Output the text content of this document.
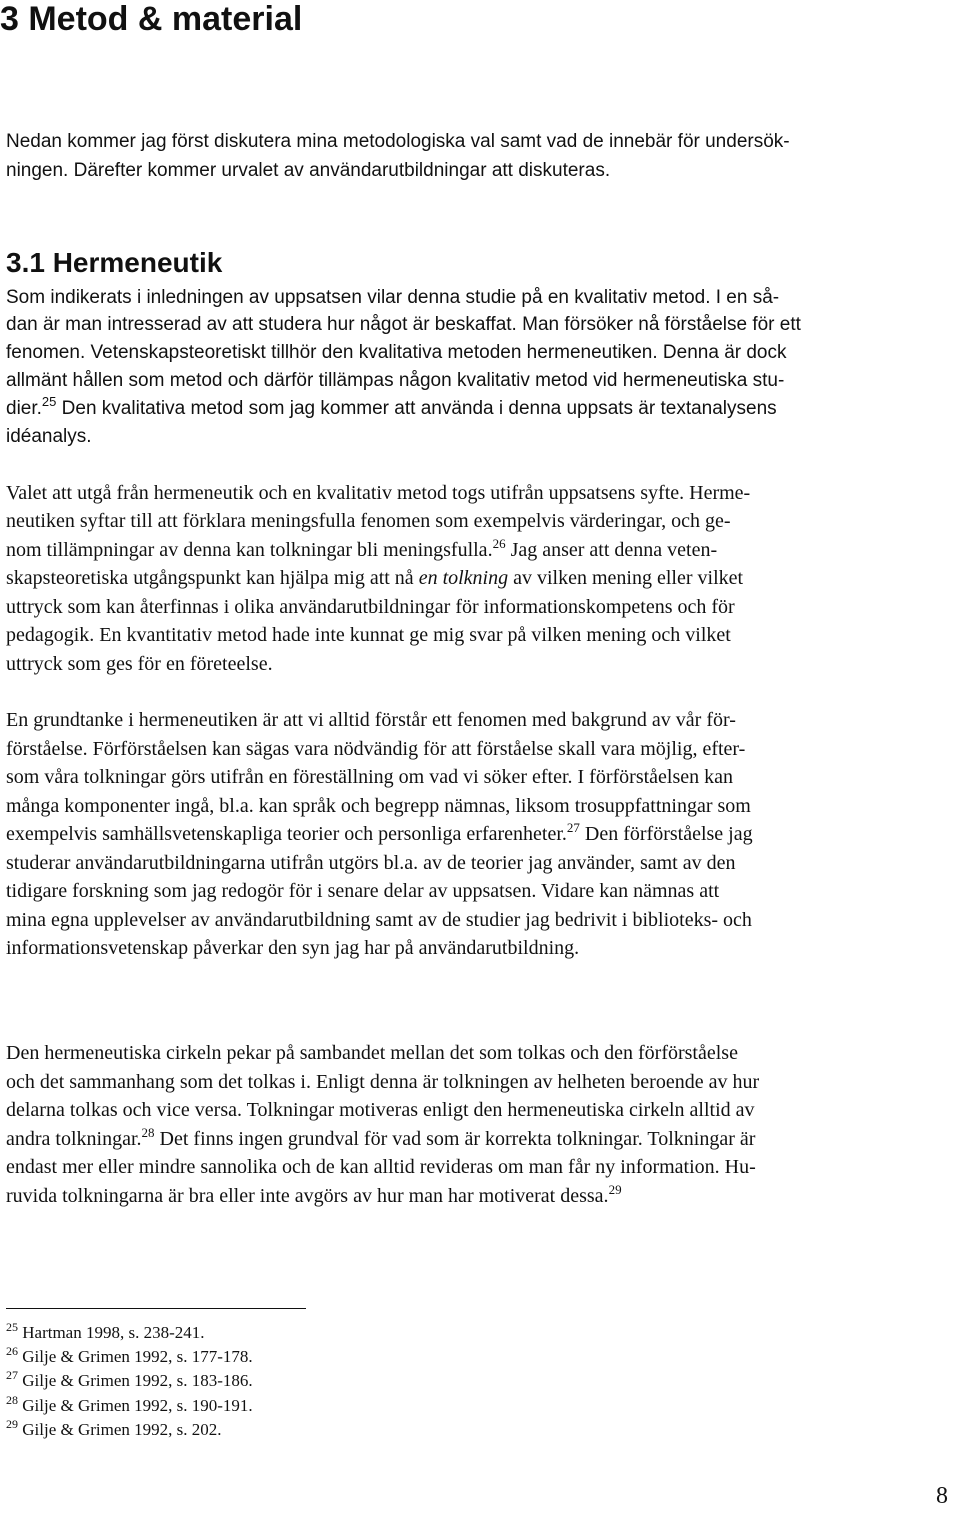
3 Metod & material
Nedan kommer jag först diskutera mina metodologiska val samt vad de innebär för undersök-
ningen. Därefter kommer urvalet av användarutbildningar att diskuteras.
3.1 Hermeneutik
Som indikerats i inledningen av uppsatsen vilar denna studie på en kvalitativ metod. I en så-
dan är man intresserad av att studera hur något är beskaffat. Man försöker nå förståelse för ett
fenomen. Vetenskapsteoretiskt tillhör den kvalitativa metoden hermeneutiken. Denna är dock
allmänt hållen som metod och därför tillämpas någon kvalitativ metod vid hermeneutiska stu-
dier.$^{25}$ Den kvalitativa metod som jag kommer att använda i denna uppsats är textanalysens
idéanalys.
Valet att utgå från hermeneutik och en kvalitativ metod togs utifrån uppsatsens syfte. Herme-
neutiken syftar till att förklara meningsfulla fenomen som exempelvis värderingar, och ge-
nom tillämpningar av denna kan tolkningar bli meningsfulla.$^{26}$ Jag anser att denna veten-
skapsteoretiska utgångspunkt kan hjälpa mig att nå en tolkning av vilken mening eller vilket
uttryck som kan återfinnas i olika användarutbildningar för informationskompetens och för
pedagogik. En kvantitativ metod hade inte kunnat ge mig svar på vilken mening och vilket
uttryck som ges för en företeelse.
En grundtanke i hermeneutiken är att vi alltid förstår ett fenomen med bakgrund av vår för-
förståelse. Förförståelsen kan sägas vara nödvändig för att förståelse skall vara möjlig, efter-
som våra tolkningar görs utifrån en föreställning om vad vi söker efter. I förförståelsen kan
många komponenter ingå, bl.a. kan språk och begrepp nämnas, liksom trosuppfattningar som
exempelvis samhällsvetenskapliga teorier och personliga erfarenheter.$^{27}$ Den förförståelse jag
studerar användarutbildningarna utifrån utgörs bl.a. av de teorier jag använder, samt av den
tidigare forskning som jag redogör för i senare delar av uppsatsen. Vidare kan nämnas att
mina egna upplevelser av användarutbildning samt av de studier jag bedrivit i biblioteks- och
informationsvetenskap påverkar den syn jag har på användarutbildning.
Den hermeneutiska cirkeln pekar på sambandet mellan det som tolkas och den förförståelse
och det sammanhang som det tolkas i. Enligt denna är tolkningen av helheten beroende av hur
delarna tolkas och vice versa. Tolkningar motiveras enligt den hermeneutiska cirkeln alltid av
andra tolkningar.$^{28}$ Det finns ingen grundval för vad som är korrekta tolkningar. Tolkningar är
endast mer eller mindre sannolika och de kan alltid revideras om man får ny information. Hu-
ruvida tolkningarna är bra eller inte avgörs av hur man har motiverat dessa.$^{29}$
$^{25}$ Hartman 1998, s. 238-241.
$^{26}$ Gilje & Grimen 1992, s. 177-178.
$^{27}$ Gilje & Grimen 1992, s. 183-186.
$^{28}$ Gilje & Grimen 1992, s. 190-191.
$^{29}$ Gilje & Grimen 1992, s. 202.
8
